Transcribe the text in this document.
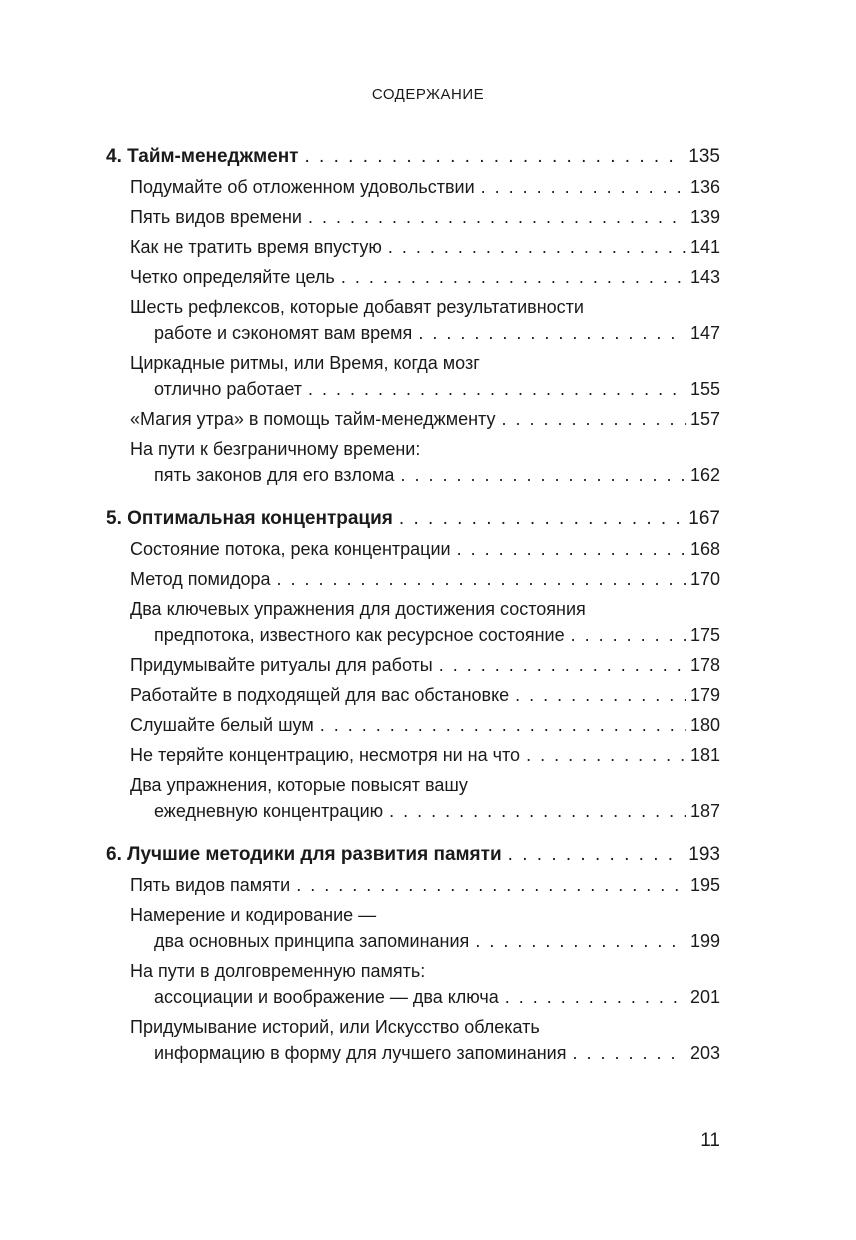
СОДЕРЖАНИЕ
4. Тайм-менеджмент . . .	135
Подумайте об отложенном удовольствии . . .	136
Пять видов времени . . .	139
Как не тратить время впустую . . .	141
Четко определяйте цель . . .	143
Шесть рефлексов, которые добавят результативности
работе и сэкономят вам время . . .	147
Циркадные ритмы, или Время, когда мозг
отлично работает . . .	155
«Магия утра» в помощь тайм-менеджменту . . .	157
На пути к безграничному времени:
пять законов для его взлома . . .	162
5. Оптимальная концентрация . . .	167
Состояние потока, река концентрации . . .	168
Метод помидора . . .	170
Два ключевых упражнения для достижения состояния
предпотока, известного как ресурсное состояние . . .	175
Придумывайте ритуалы для работы . . .	178
Работайте в подходящей для вас обстановке . . .	179
Слушайте белый шум . . .	180
Не теряйте концентрацию, несмотря ни на что . . .	181
Два упражнения, которые повысят вашу
ежедневную концентрацию . . .	187
6. Лучшие методики для развития памяти . . .	193
Пять видов памяти . . .	195
Намерение и кодирование —
два основных принципа запоминания . . .	199
На пути в долговременную память:
ассоциации и воображение — два ключа . . .	201
Придумывание историй, или Искусство облекать
информацию в форму для лучшего запоминания . . .	203
11
